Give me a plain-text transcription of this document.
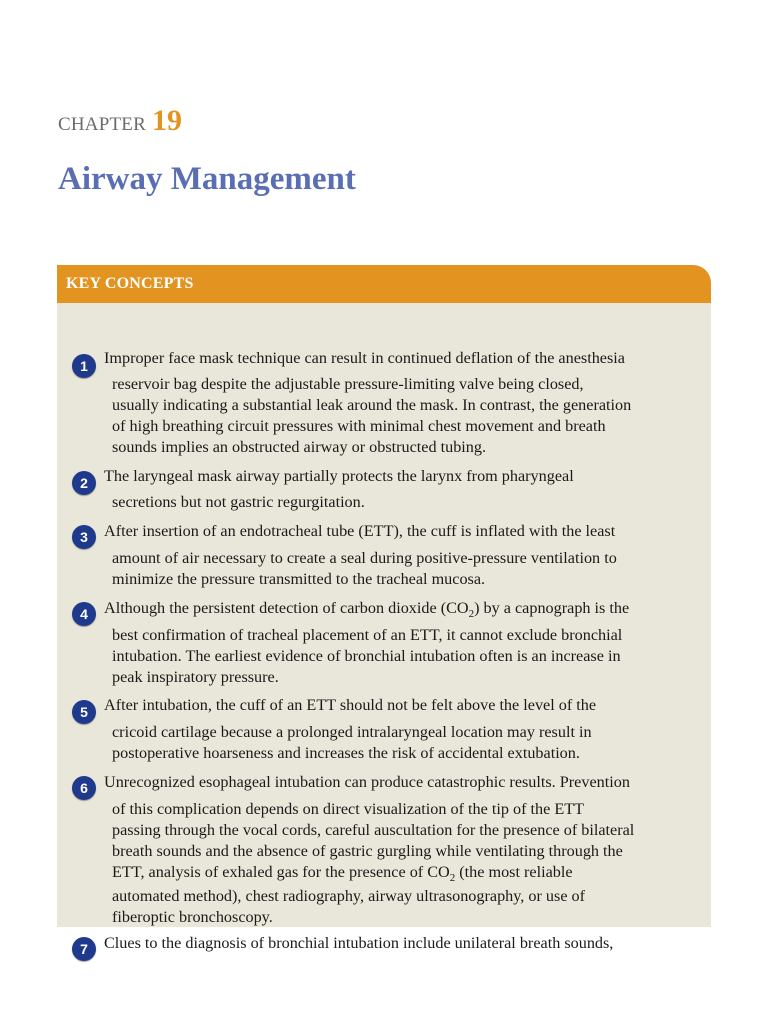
CHAPTER 19
Airway Management
KEY CONCEPTS
1 Improper face mask technique can result in continued deflation of the anesthesia
reservoir bag despite the adjustable pressure-limiting valve being closed,
usually indicating a substantial leak around the mask. In contrast, the generation
of high breathing circuit pressures with minimal chest movement and breath
sounds implies an obstructed airway or obstructed tubing.
2 The laryngeal mask airway partially protects the larynx from pharyngeal
secretions but not gastric regurgitation.
3 After insertion of an endotracheal tube (ETT), the cuff is inflated with the least
amount of air necessary to create a seal during positive-pressure ventilation to
minimize the pressure transmitted to the tracheal mucosa.
4 Although the persistent detection of carbon dioxide $(CO_2)$ by a capnograph is the
best confirmation of tracheal placement of an ETT, it cannot exclude bronchial
intubation. The earliest evidence of bronchial intubation often is an increase in
peak inspiratory pressure.
5 After intubation, the cuff of an ETT should not be felt above the level of the
cricoid cartilage because a prolonged intralaryngeal location may result in
postoperative hoarseness and increases the risk of accidental extubation.
6 Unrecognized esophageal intubation can produce catastrophic results. Prevention
of this complication depends on direct visualization of the tip of the ETT
passing through the vocal cords, careful auscultation for the presence of bilateral
breath sounds and the absence of gastric gurgling while ventilating through the
ETT, analysis of exhaled gas for the presence of $CO_2$ (the most reliable
automated method), chest radiography, airway ultrasonography, or use of
fiberoptic bronchoscopy.
7 Clues to the diagnosis of bronchial intubation include unilateral breath sounds,
